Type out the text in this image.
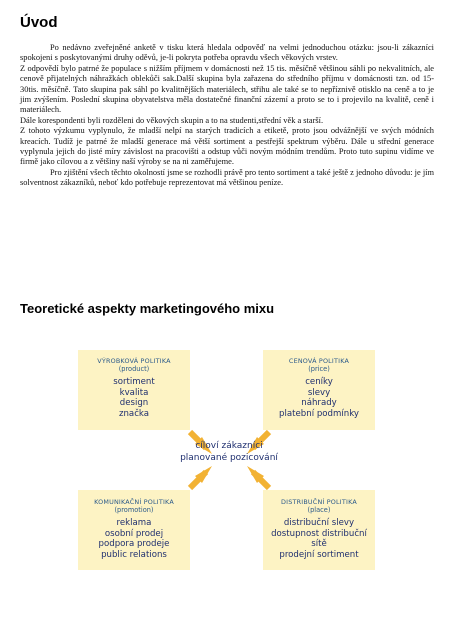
Úvod

Po nedávno zveřejněné anketě v tisku která hledala odpověď na velmi jednoduchou otázku: jsou-li zákazníci spokojeni s poskytovanými druhy oděvů, je-li pokryta potřeba opravdu všech věkových vrstev.

Z odpovědí bylo patrné že populace s nižším příjmem v domácnosti než 15 tis. měsíčně většinou sáhli po nekvalitních, ale cenově přijatelných náhražkách oblekůči sak.Další skupina byla zařazena do středního příjmu v domácnosti tzn. od 15-30tis. měsíčně. Tato skupina pak sáhl po kvalitnějších materiálech, střihu ale také se to nepříznivě otisklo na ceně a to je jim zvýšením. Poslední skupina obyvatelstva měla dostatečné finanční zázemí a proto se to i projevilo na kvalitě, ceně i materiálech.

Dále korespondenti byli rozděleni do věkových skupin a to na studenti,střední věk a starší.

Z tohoto výzkumu vyplynulo, že mladší nelpí na starých tradicích a etiketě, proto jsou odvážnější ve svých módních kreacích. Tudíž je patrné že mladší generace má větší sortiment a pestřejší spektrum výběru. Dále u střední generace vyplynula jejich do jisté míry závislost na pracovišti a odstup vůči novým módním trendům. Proto tuto supinu vidíme ve firmě jako cílovou a z většiny naší výroby se na ni zaměřujeme.

Pro zjištění všech těchto okolností jsme se rozhodli právě pro tento sortiment a také ještě z jednoho důvodu: je jím solventnost zákazníků, neboť kdo potřebuje reprezentovat má většinou peníze.

Teoretické aspekty marketingového mixu
VÝROBKOVÁ POLITIKA
(product)
sortiment
kvalita
design
značka
CENOVÁ POLITIKA
(price)
ceníky
slevy
náhrady
platební podmínky
cíloví zákazníci
planované pozicování
KOMUNIKAČNÍ POLITIKA
(promotion)
reklama
osobní prodej
podpora prodeje
public relations
DISTRIBUČNÍ POLITIKA
(place)
distribuční slevy
dostupnost distribuční sítě
prodejní sortiment
